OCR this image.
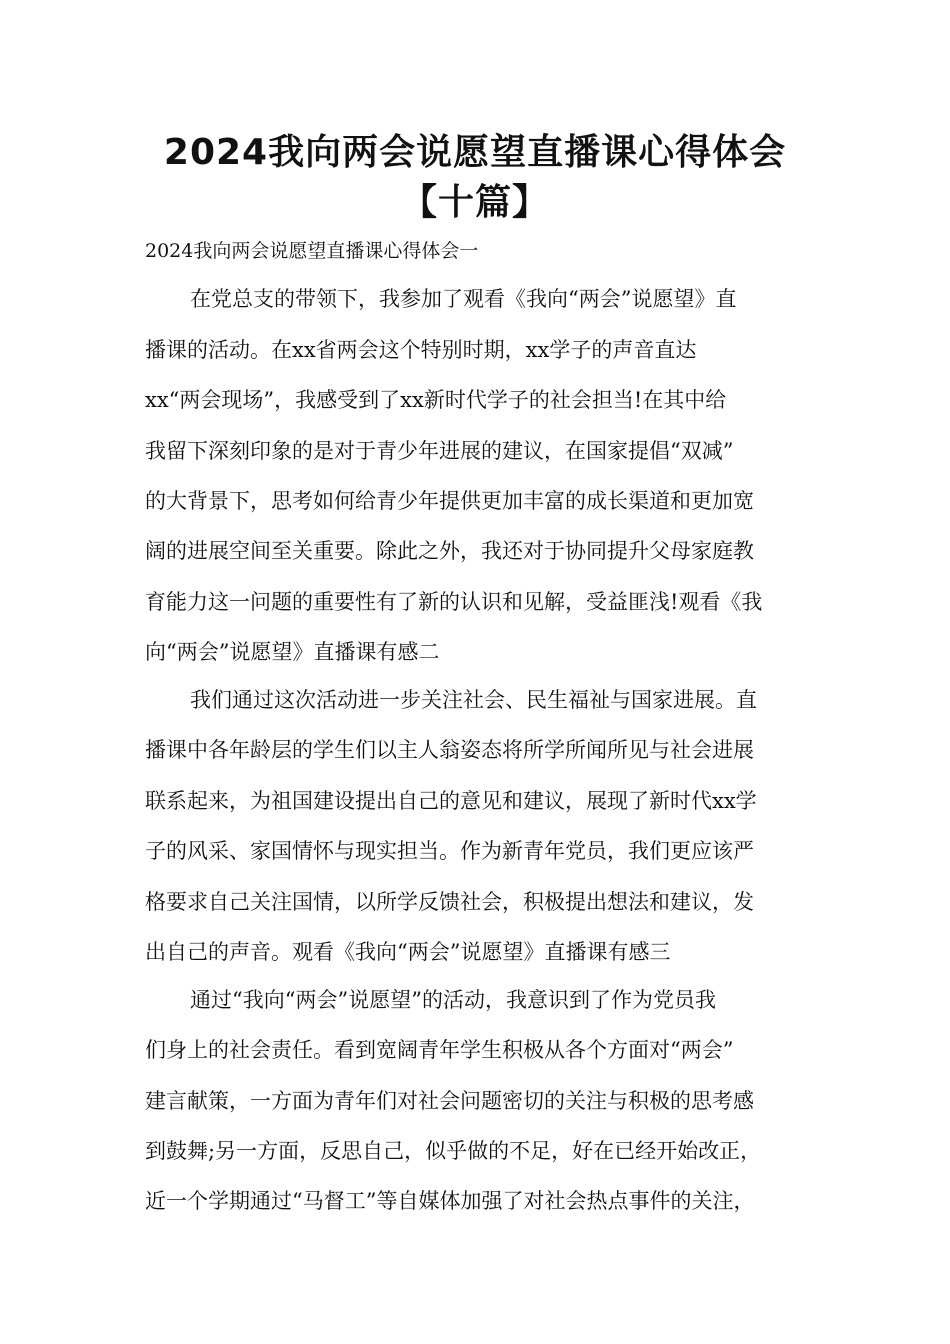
2024我向两会说愿望直播课心得体会
【十篇】
2024我向两会说愿望直播课心得体会一
在党总支的带领下，我参加了观看《我向“两会”说愿望》直
播课的活动。在xx省两会这个特别时期，xx学子的声音直达
xx“两会现场”，我感受到了xx新时代学子的社会担当!在其中给
我留下深刻印象的是对于青少年进展的建议，在国家提倡“双减”
的大背景下，思考如何给青少年提供更加丰富的成长渠道和更加宽
阔的进展空间至关重要。除此之外，我还对于协同提升父母家庭教
育能力这一问题的重要性有了新的认识和见解，受益匪浅!观看《我
向“两会”说愿望》直播课有感二
我们通过这次活动进一步关注社会、民生福祉与国家进展。直
播课中各年龄层的学生们以主人翁姿态将所学所闻所见与社会进展
联系起来，为祖国建设提出自己的意见和建议，展现了新时代xx学
子的风采、家国情怀与现实担当。作为新青年党员，我们更应该严
格要求自己关注国情，以所学反馈社会，积极提出想法和建议，发
出自己的声音。观看《我向“两会”说愿望》直播课有感三
通过“我向“两会”说愿望”的活动，我意识到了作为党员我
们身上的社会责任。看到宽阔青年学生积极从各个方面对“两会”
建言献策，一方面为青年们对社会问题密切的关注与积极的思考感
到鼓舞;另一方面，反思自己，似乎做的不足，好在已经开始改正，
近一个学期通过“马督工”等自媒体加强了对社会热点事件的关注，
